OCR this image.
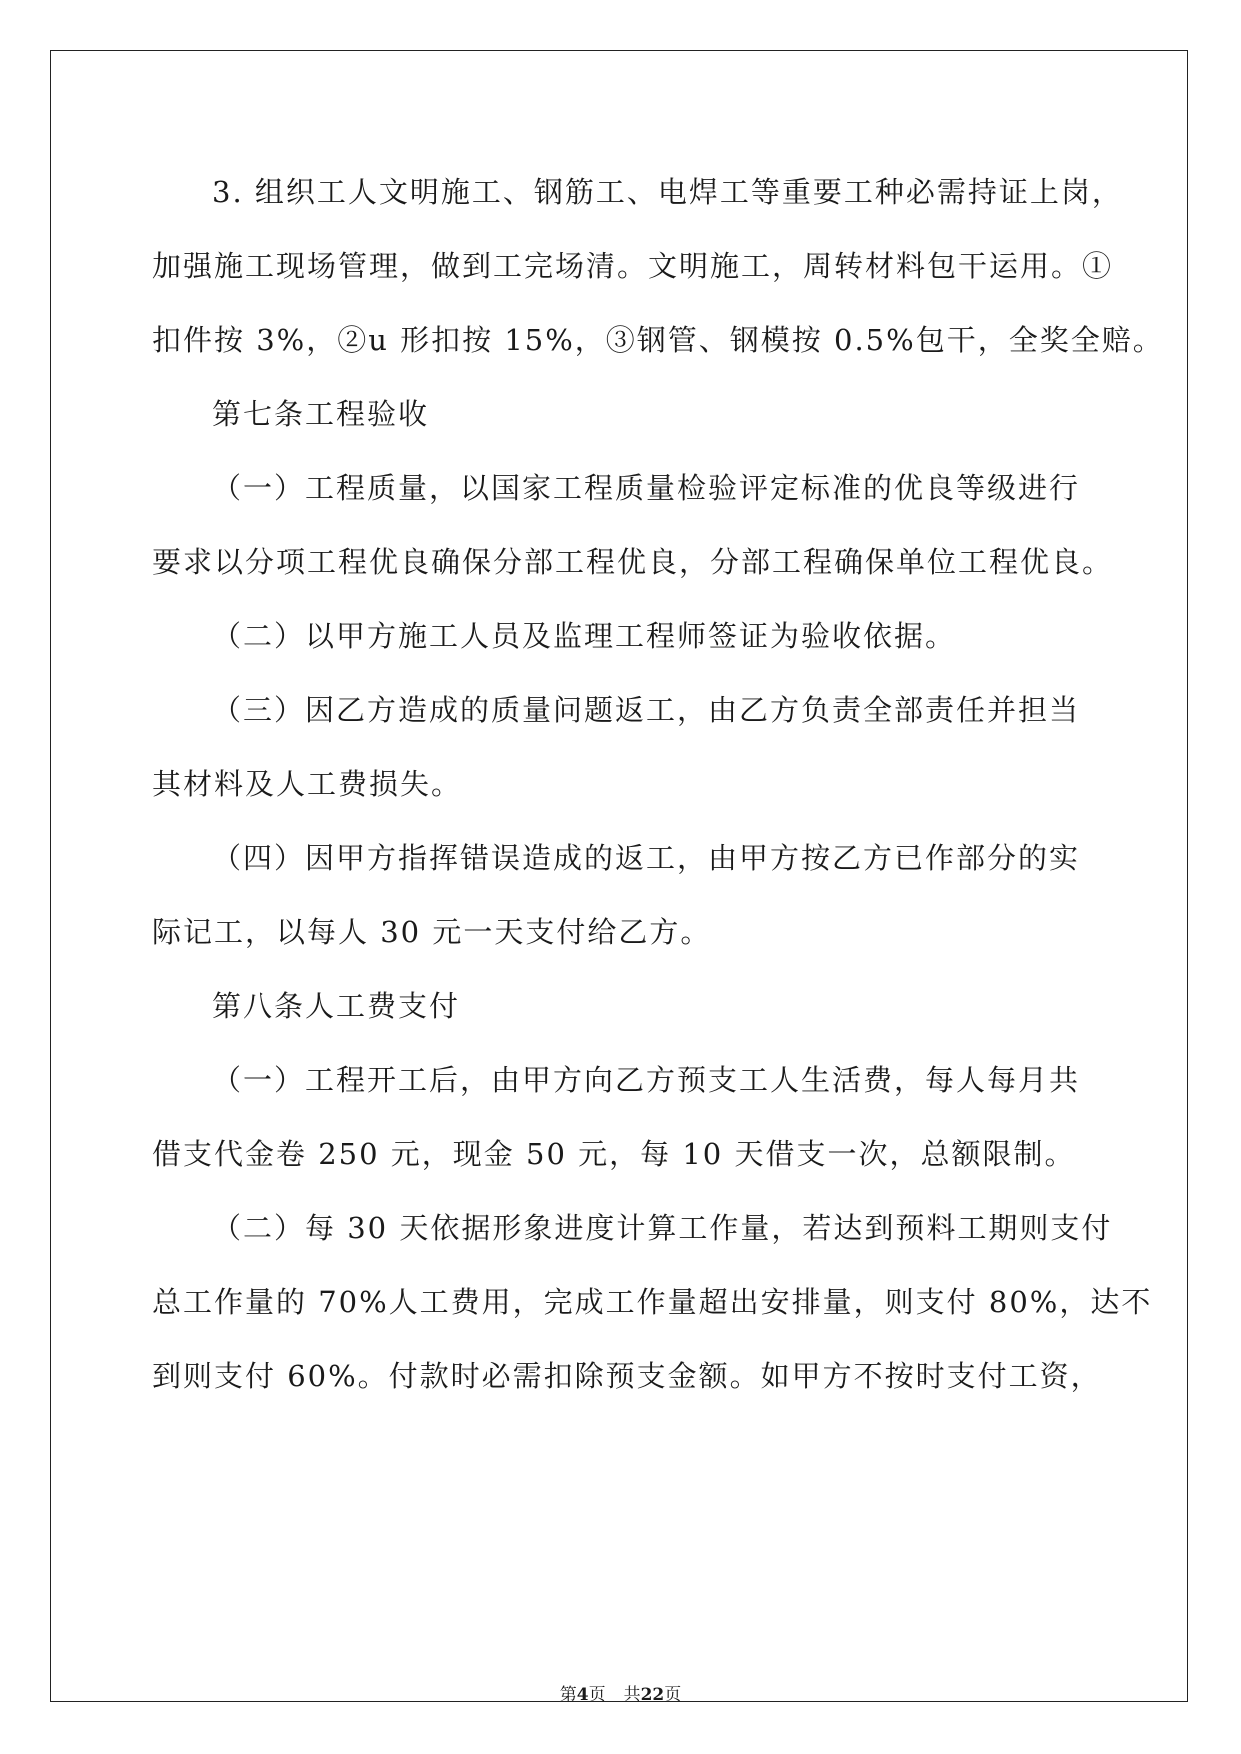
3. 组织工人文明施工、钢筋工、电焊工等重要工种必需持证上岗，
加强施工现场管理，做到工完场清。文明施工，周转材料包干运用。①
扣件按 3%，②u 形扣按 15%，③钢管、钢模按 0.5%包干，全奖全赔。
第七条工程验收
（一）工程质量，以国家工程质量检验评定标准的优良等级进行
要求以分项工程优良确保分部工程优良，分部工程确保单位工程优良。
（二）以甲方施工人员及监理工程师签证为验收依据。
（三）因乙方造成的质量问题返工，由乙方负责全部责任并担当
其材料及人工费损失。
（四）因甲方指挥错误造成的返工，由甲方按乙方已作部分的实
际记工，以每人 30 元一天支付给乙方。
第八条人工费支付
（一）工程开工后，由甲方向乙方预支工人生活费，每人每月共
借支代金卷 250 元，现金 50 元，每 10 天借支一次，总额限制。
（二）每 30 天依据形象进度计算工作量，若达到预料工期则支付
总工作量的 70%人工费用，完成工作量超出安排量，则支付 80%，达不
到则支付 60%。付款时必需扣除预支金额。如甲方不按时支付工资，
第4页 共22页
